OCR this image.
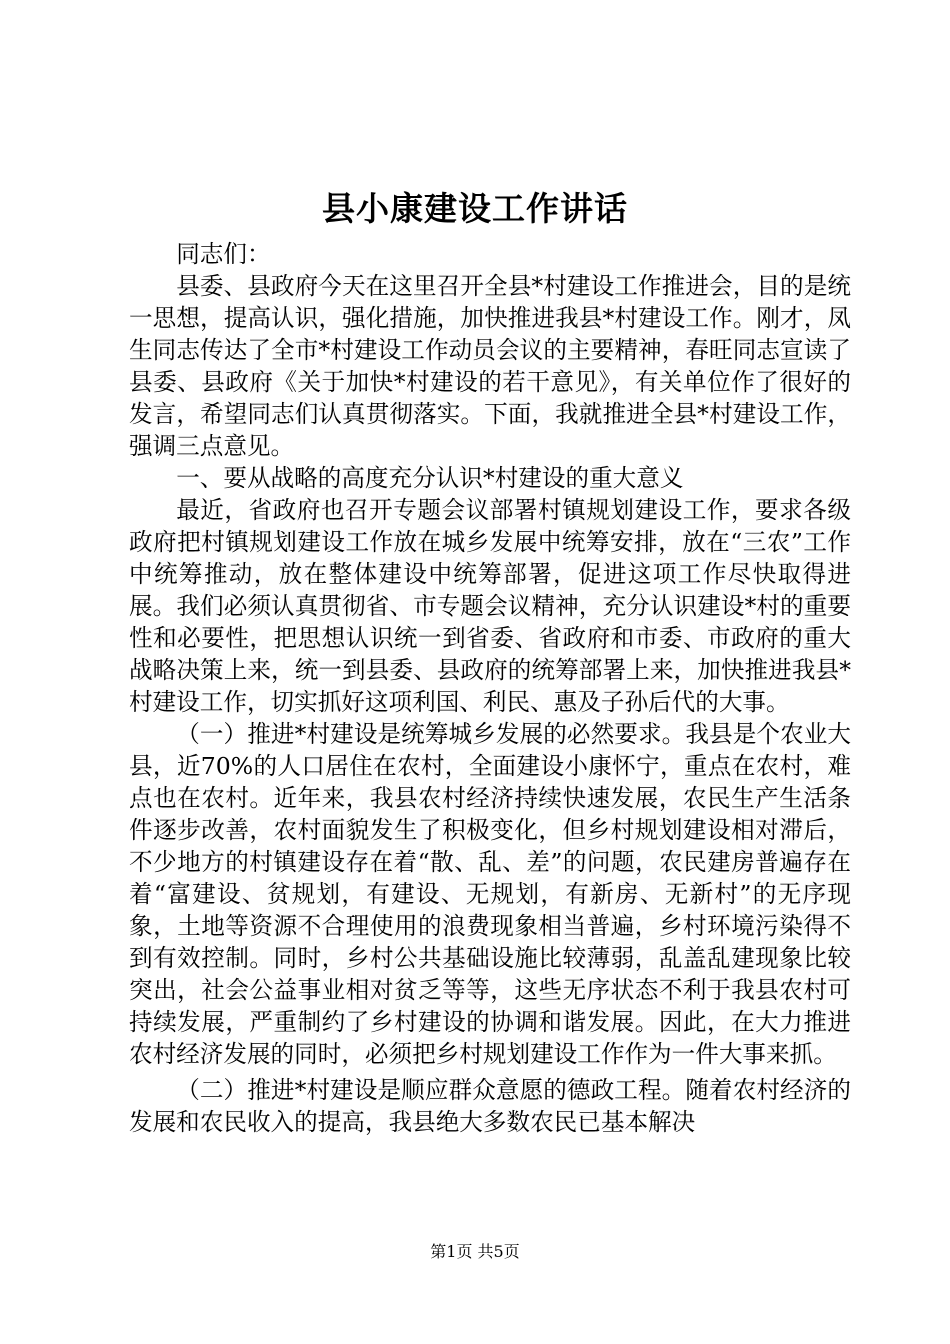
县小康建设工作讲话

同志们：

县委、县政府今天在这里召开全县*村建设工作推进会，目的是统一思想，提高认识，强化措施，加快推进我县*村建设工作。刚才，凤生同志传达了全市*村建设工作动员会议的主要精神，春旺同志宣读了县委、县政府《关于加快*村建设的若干意见》，有关单位作了很好的发言，希望同志们认真贯彻落实。下面，我就推进全县*村建设工作，强调三点意见。

一、要从战略的高度充分认识*村建设的重大意义

最近，省政府也召开专题会议部署村镇规划建设工作，要求各级政府把村镇规划建设工作放在城乡发展中统筹安排，放在“三农”工作中统筹推动，放在整体建设中统筹部署，促进这项工作尽快取得进展。我们必须认真贯彻省、市专题会议精神，充分认识建设*村的重要性和必要性，把思想认识统一到省委、省政府和市委、市政府的重大战略决策上来，统一到县委、县政府的统筹部署上来，加快推进我县*村建设工作，切实抓好这项利国、利民、惠及子孙后代的大事。

（一）推进*村建设是统筹城乡发展的必然要求。我县是个农业大县，近70%的人口居住在农村，全面建设小康怀宁，重点在农村，难点也在农村。近年来，我县农村经济持续快速发展，农民生产生活条件逐步改善，农村面貌发生了积极变化，但乡村规划建设相对滞后，不少地方的村镇建设存在着“散、乱、差”的问题，农民建房普遍存在着“富建设、贫规划，有建设、无规划，有新房、无新村”的无序现象，土地等资源不合理使用的浪费现象相当普遍，乡村环境污染得不到有效控制。同时，乡村公共基础设施比较薄弱，乱盖乱建现象比较突出，社会公益事业相对贫乏等等，这些无序状态不利于我县农村可持续发展，严重制约了乡村建设的协调和谐发展。因此，在大力推进农村经济发展的同时，必须把乡村规划建设工作作为一件大事来抓。

（二）推进*村建设是顺应群众意愿的德政工程。随着农村经济的发展和农民收入的提高，我县绝大多数农民已基本解决

第1页 共5页
